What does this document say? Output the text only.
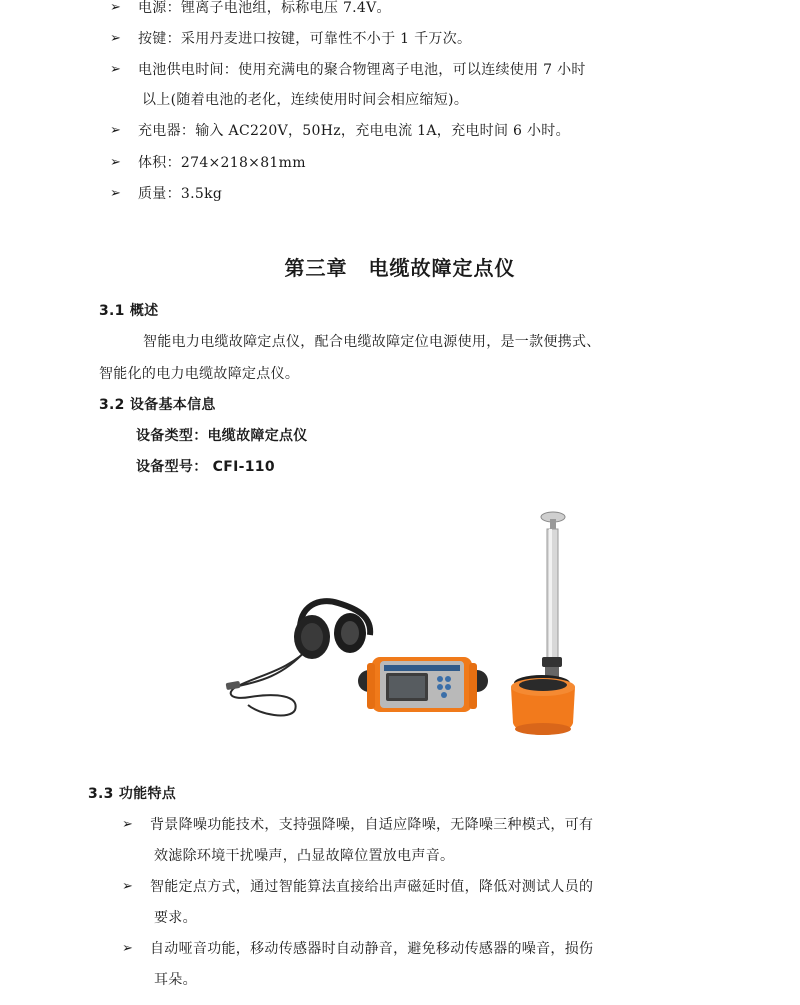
➢ 电源：锂离子电池组，标称电压 7.4V。
➢ 按键：采用丹麦进口按键，可靠性不小于 1 千万次。
➢ 电池供电时间：使用充满电的聚合物锂离子电池，可以连续使用 7 小时
以上(随着电池的老化，连续使用时间会相应缩短)。
➢ 充电器：输入 AC220V，50Hz，充电电流 1A，充电时间 6 小时。
➢ 体积：274×218×81mm
➢ 质量：3.5kg
第三章　电缆故障定点仪
3.1 概述
智能电力电缆故障定点仪，配合电缆故障定位电源使用，是一款便携式、
智能化的电力电缆故障定点仪。
3.2 设备基本信息
设备类型：电缆故障定点仪
设备型号： CFI-110
3.3 功能特点
➢ 背景降噪功能技术，支持强降噪，自适应降噪，无降噪三种模式，可有
效滤除环境干扰噪声，凸显故障位置放电声音。
➢ 智能定点方式，通过智能算法直接给出声磁延时值，降低对测试人员的
要求。
➢ 自动哑音功能，移动传感器时自动静音，避免移动传感器的噪音，损伤
耳朵。
